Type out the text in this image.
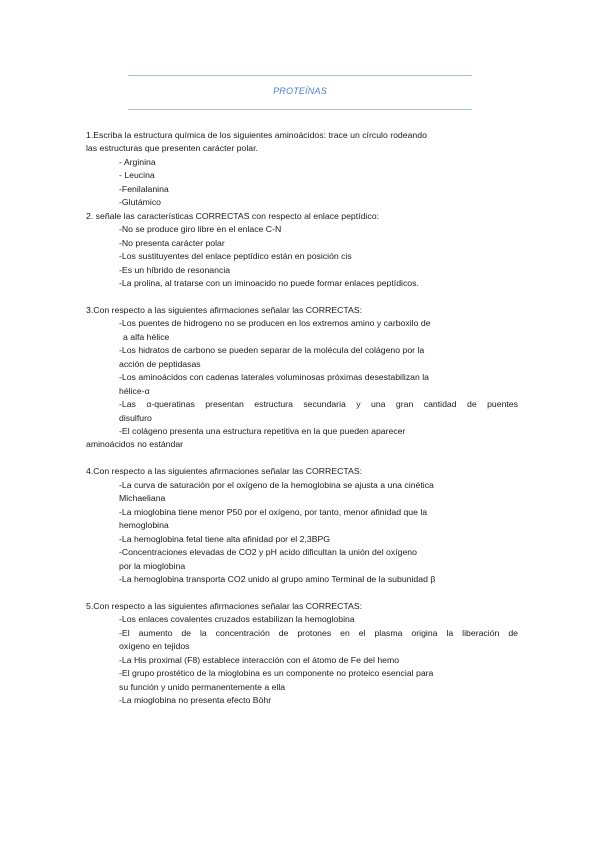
PROTEÍNAS
1.Escriba la estructura química de los siguientes aminoácidos: trace un círculo rodeando
las estructuras que presenten carácter polar.
- Arginina
- Leucina
-Fenilalanina
-Glutámico
2. señale las características CORRECTAS con respecto al enlace peptídico:
-No se produce giro libre en el enlace C-N
-No presenta carácter polar
-Los sustituyentes del enlace peptídico están en posición cis
-Es un híbrido de resonancia
-La prolina, al tratarse con un iminoacido no puede formar enlaces peptídicos.
3.Con respecto a las siguientes afirmaciones señalar las CORRECTAS:
-Los puentes de hidrogeno no se producen en los extremos amino y carboxilo de
a alfa hélice
-Los hidratos de carbono se pueden separar de la molécula del colágeno por la
acción de peptidasas
-Los aminoácidos con cadenas laterales voluminosas próximas desestabilizan la
hélice-α
-Las α-queratinas presentan estructura secundaria y una gran cantidad de puentes
disulfuro
-El colágeno presenta una estructura repetitiva en la que pueden aparecer
aminoácidos no estándar
4.Con respecto a las siguientes afirmaciones señalar las CORRECTAS:
-La curva de saturación por el oxígeno de la hemoglobina se ajusta a una cinética
Michaeliana
-La mioglobina tiene menor P50 por el oxígeno, por tanto, menor afinidad que la
hemoglobina
-La hemoglobina fetal tiene alta afinidad por el 2,3BPG
-Concentraciones elevadas de CO2 y pH acido dificultan la unión del oxígeno
por la mioglobina
-La hemoglobina transporta CO2 unido al grupo amino Terminal de la subunidad β
5.Con respecto a las siguientes afirmaciones señalar las CORRECTAS:
-Los enlaces covalentes cruzados estabilizan la hemoglobina
-El aumento de la concentración de protones en el plasma origina la liberación de
oxígeno en tejidos
-La His proximal (F8) establece interacción con el átomo de Fe del hemo
-El grupo prostético de la mioglobina es un componente no proteico esencial para
su función y unido permanentemente a ella
-La mioglobina no presenta efecto Böhr
